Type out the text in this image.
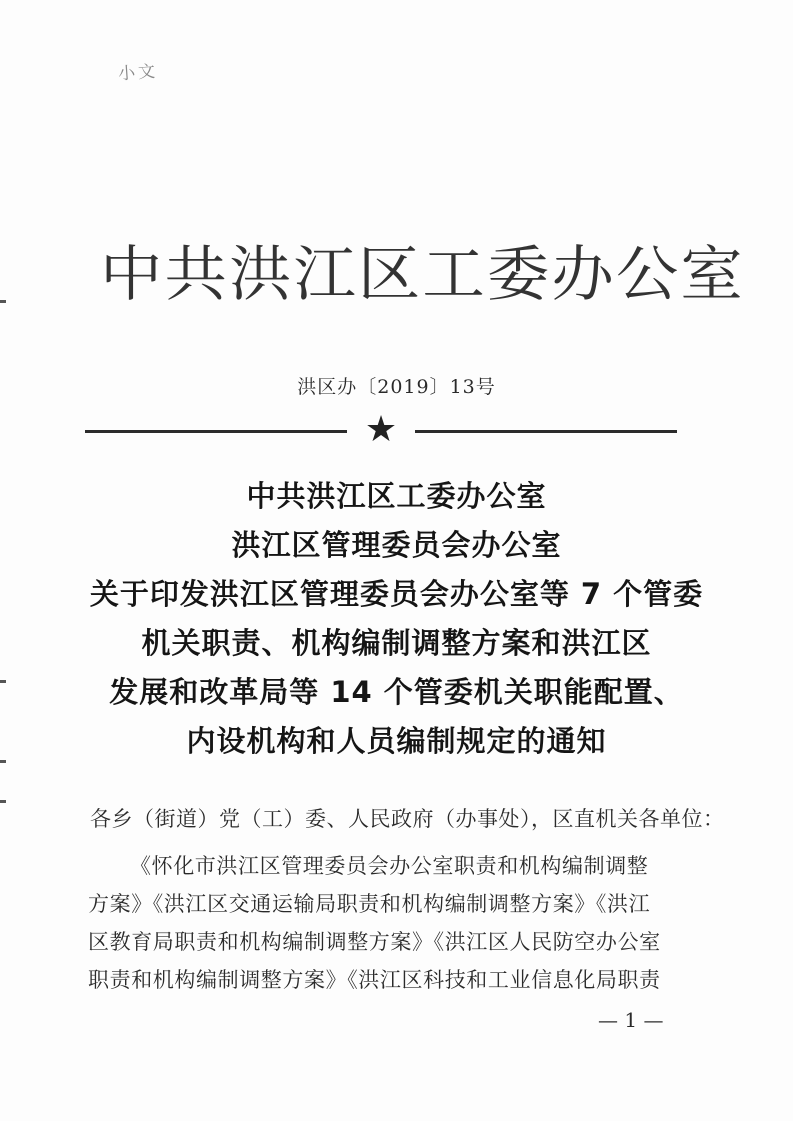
小文
中共洪江区工委办公室
洪区办〔2019〕13号
★
中共洪江区工委办公室
洪江区管理委员会办公室
关于印发洪江区管理委员会办公室等 7 个管委
机关职责、机构编制调整方案和洪江区
发展和改革局等 14 个管委机关职能配置、
内设机构和人员编制规定的通知
各乡（街道）党（工）委、人民政府（办事处），区直机关各单位：
《怀化市洪江区管理委员会办公室职责和机构编制调整
方案》《洪江区交通运输局职责和机构编制调整方案》《洪江
区教育局职责和机构编制调整方案》《洪江区人民防空办公室
职责和机构编制调整方案》《洪江区科技和工业信息化局职责
— 1 —
